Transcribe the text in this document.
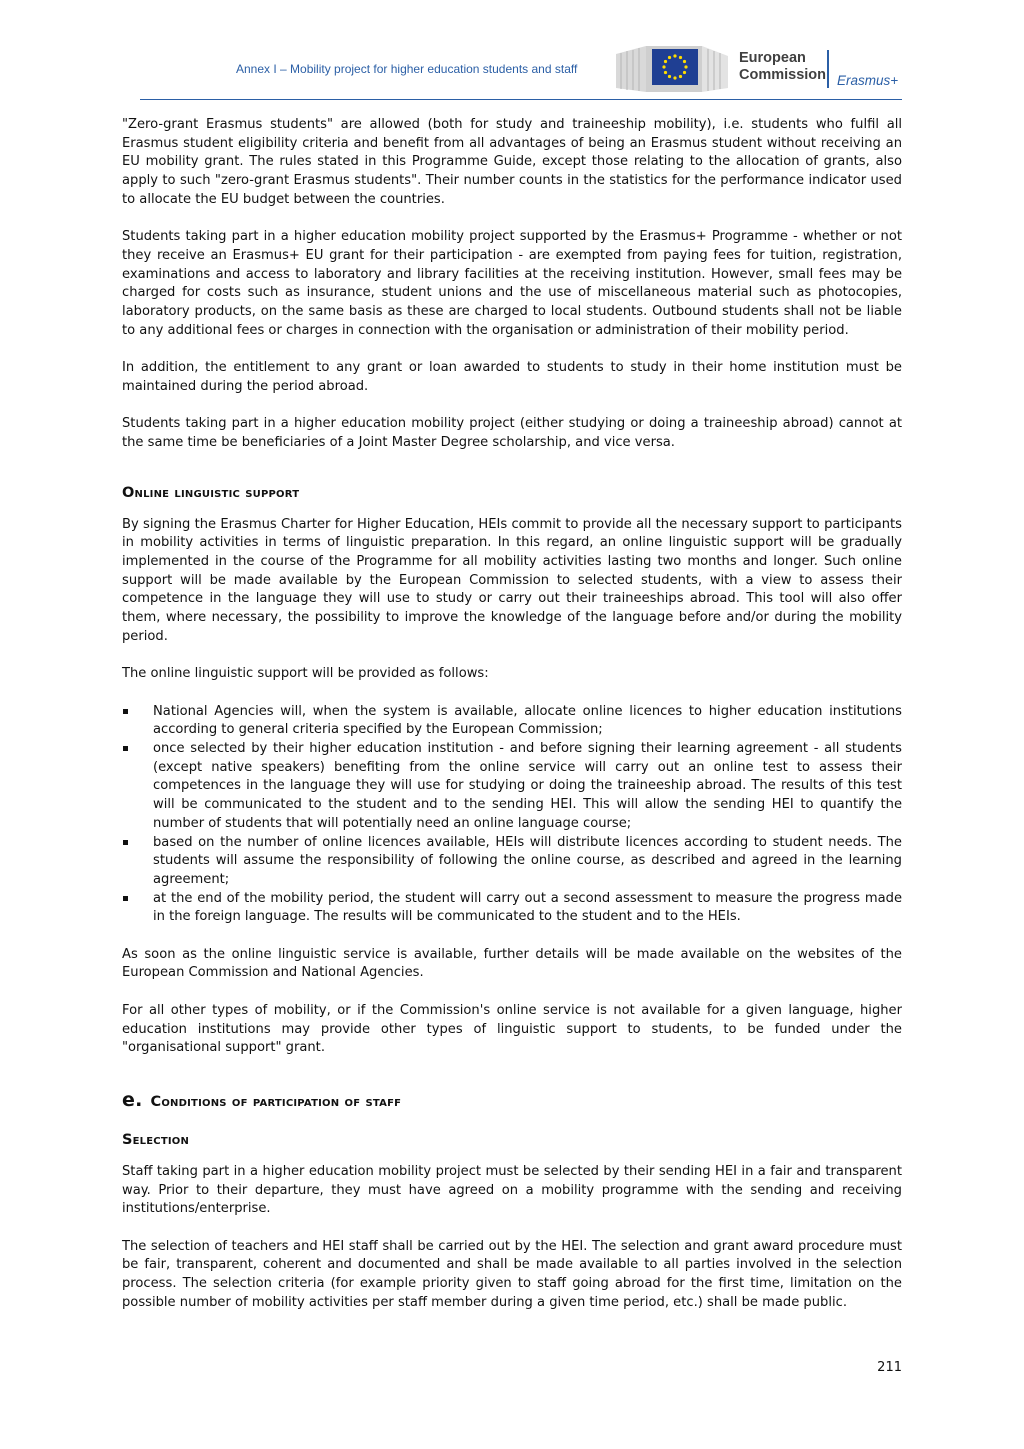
Annex I – Mobility project for higher education students and staff
European
Commission Erasmus+

"Zero-grant Erasmus students" are allowed (both for study and traineeship mobility), i.e. students who fulfil all Erasmus student eligibility criteria and benefit from all advantages of being an Erasmus student without receiving an EU mobility grant. The rules stated in this Programme Guide, except those relating to the allocation of grants, also apply to such "zero-grant Erasmus students". Their number counts in the statistics for the performance indicator used to allocate the EU budget between the countries.

Students taking part in a higher education mobility project supported by the Erasmus+ Programme - whether or not they receive an Erasmus+ EU grant for their participation - are exempted from paying fees for tuition, registration, examinations and access to laboratory and library facilities at the receiving institution. However, small fees may be charged for costs such as insurance, student unions and the use of miscellaneous material such as photocopies, laboratory products, on the same basis as these are charged to local students. Outbound students shall not be liable to any additional fees or charges in connection with the organisation or administration of their mobility period.

In addition, the entitlement to any grant or loan awarded to students to study in their home institution must be maintained during the period abroad.

Students taking part in a higher education mobility project (either studying or doing a traineeship abroad) cannot at the same time be beneficiaries of a Joint Master Degree scholarship, and vice versa.

Online linguistic support

By signing the Erasmus Charter for Higher Education, HEIs commit to provide all the necessary support to participants in mobility activities in terms of linguistic preparation. In this regard, an online linguistic support will be gradually implemented in the course of the Programme for all mobility activities lasting two months and longer. Such online support will be made available by the European Commission to selected students, with a view to assess their competence in the language they will use to study or carry out their traineeships abroad. This tool will also offer them, where necessary, the possibility to improve the knowledge of the language before and/or during the mobility period.

The online linguistic support will be provided as follows:

National Agencies will, when the system is available, allocate online licences to higher education institutions according to general criteria specified by the European Commission;
once selected by their higher education institution - and before signing their learning agreement - all students (except native speakers) benefiting from the online service will carry out an online test to assess their competences in the language they will use for studying or doing the traineeship abroad. The results of this test will be communicated to the student and to the sending HEI. This will allow the sending HEI to quantify the number of students that will potentially need an online language course;
based on the number of online licences available, HEIs will distribute licences according to student needs. The students will assume the responsibility of following the online course, as described and agreed in the learning agreement;
at the end of the mobility period, the student will carry out a second assessment to measure the progress made in the foreign language. The results will be communicated to the student and to the HEIs.

As soon as the online linguistic service is available, further details will be made available on the websites of the European Commission and National Agencies.

For all other types of mobility, or if the Commission's online service is not available for a given language, higher education institutions may provide other types of linguistic support to students, to be funded under the "organisational support" grant.

e. Conditions of participation of staff
Selection

Staff taking part in a higher education mobility project must be selected by their sending HEI in a fair and transparent way. Prior to their departure, they must have agreed on a mobility programme with the sending and receiving institutions/enterprise.

The selection of teachers and HEI staff shall be carried out by the HEI. The selection and grant award procedure must be fair, transparent, coherent and documented and shall be made available to all parties involved in the selection process. The selection criteria (for example priority given to staff going abroad for the first time, limitation on the possible number of mobility activities per staff member during a given time period, etc.) shall be made public.

211
